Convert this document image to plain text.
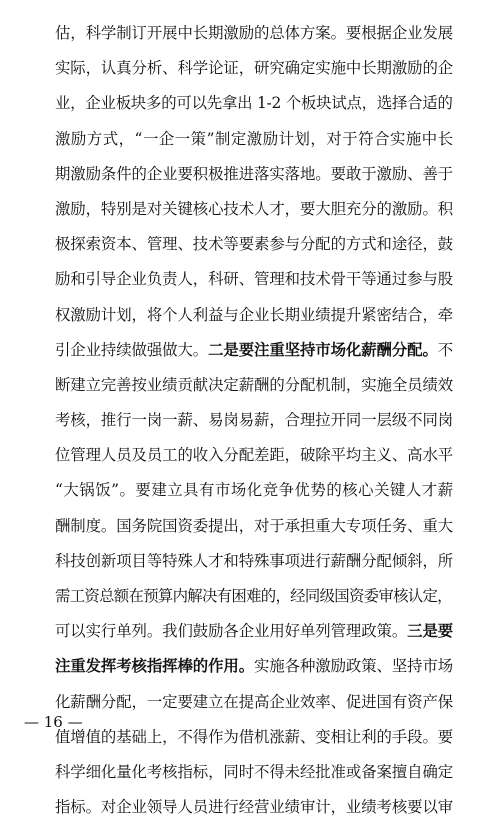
估，科学制订开展中长期激励的总体方案。要根据企业发展
实际，认真分析、科学论证，研究确定实施中长期激励的企
业，企业板块多的可以先拿出 1-2 个板块试点，选择合适的
激励方式，“一企一策”制定激励计划，对于符合实施中长
期激励条件的企业要积极推进落实落地。要敢于激励、善于
激励，特别是对关键核心技术人才，要大胆充分的激励。积
极探索资本、管理、技术等要素参与分配的方式和途径，鼓
励和引导企业负责人，科研、管理和技术骨干等通过参与股
权激励计划，将个人利益与企业长期业绩提升紧密结合，牵
引企业持续做强做大。二是要注重坚持市场化薪酬分配。不
断建立完善按业绩贡献决定薪酬的分配机制，实施全员绩效
考核，推行一岗一薪、易岗易薪，合理拉开同一层级不同岗
位管理人员及员工的收入分配差距，破除平均主义、高水平
“大锅饭”。要建立具有市场化竞争优势的核心关键人才薪
酬制度。国务院国资委提出，对于承担重大专项任务、重大
科技创新项目等特殊人才和特殊事项进行薪酬分配倾斜，所
需工资总额在预算内解决有困难的，经同级国资委审核认定，
可以实行单列。我们鼓励各企业用好单列管理政策。三是要
注重发挥考核指挥棒的作用。实施各种激励政策、坚持市场
化薪酬分配，一定要建立在提高企业效率、促进国有资产保
值增值的基础上，不得作为借机涨薪、变相让利的手段。要
科学细化量化考核指标，同时不得未经批准或备案擅自确定
指标。对企业领导人员进行经营业绩审计，业绩考核要以审
— 16 —
